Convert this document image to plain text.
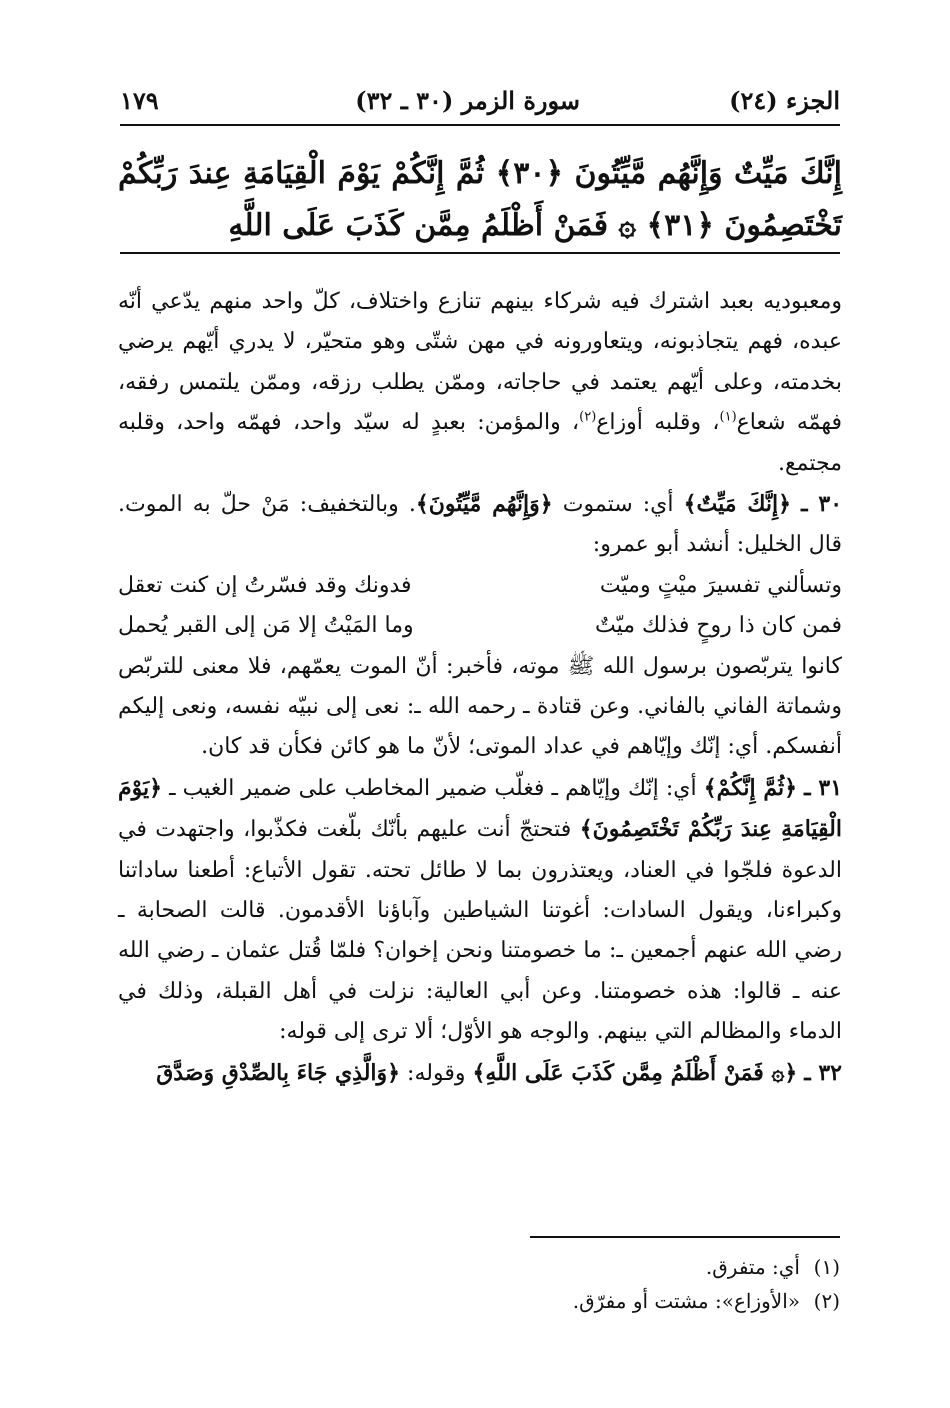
الجزء (٢٤)
سورة الزمر (٣٠ ـ ٣٢)
١٧٩
إِنَّكَ مَيِّتٌ وَإِنَّهُم مَّيِّتُونَ ﴿٣٠﴾ ثُمَّ إِنَّكُمْ يَوْمَ الْقِيَامَةِ عِندَ رَبِّكُمْ تَخْتَصِمُونَ ﴿٣١﴾ ۞ فَمَنْ أَظْلَمُ مِمَّن كَذَبَ عَلَى اللَّهِ

ومعبوديه بعبد اشترك فيه شركاء بينهم تنازع واختلاف، كلّ واحد منهم يدّعي أنّه عبده، فهم يتجاذبونه، ويتعاورونه في مهن شتّى وهو متحيّر، لا يدري أيّهم يرضي بخدمته، وعلى أيّهم يعتمد في حاجاته، وممّن يطلب رزقه، وممّن يلتمس رفقه، فهمّه شعاع$^{(١)}$، وقلبه أوزاع$^{(٢)}$، والمؤمن: بعبدٍ له سيّد واحد، فهمّه واحد، وقلبه مجتمع.

٣٠ ـ ﴿إِنَّكَ مَيِّتٌ﴾ أي: ستموت ﴿وَإِنَّهُم مَّيِّتُونَ﴾. وبالتخفيف: مَنْ حلّ به الموت. قال الخليل: أنشد أبو عمرو:

وتسألني تفسيرَ ميْتٍ وميّت
فدونك وقد فسّرتُ إن كنت تعقل
فمن كان ذا روحٍ فذلك ميّتٌ
وما المَيْتُ إلا مَن إلى القبر يُحمل

كانوا يتربّصون برسول الله ﷺ موته، فأخبر: أنّ الموت يعمّهم، فلا معنى للتربّص وشماتة الفاني بالفاني. وعن قتادة ـ رحمه الله ـ: نعى إلى نبيّه نفسه، ونعى إليكم أنفسكم. أي: إنّك وإيّاهم في عداد الموتى؛ لأنّ ما هو كائن فكأن قد كان.

٣١ ـ ﴿ثُمَّ إِنَّكُمْ﴾ أي: إنّك وإيّاهم ـ فغلّب ضمير المخاطب على ضمير الغيب ـ ﴿يَوْمَ الْقِيَامَةِ عِندَ رَبِّكُمْ تَخْتَصِمُونَ﴾ فتحتجّ أنت عليهم بأنّك بلّغت فكذّبوا، واجتهدت في الدعوة فلجّوا في العناد، ويعتذرون بما لا طائل تحته. تقول الأتباع: أطعنا ساداتنا وكبراءنا، ويقول السادات: أغوتنا الشياطين وآباؤنا الأقدمون. قالت الصحابة ـ رضي الله عنهم أجمعين ـ: ما خصومتنا ونحن إخوان؟ فلمّا قُتل عثمان ـ رضي الله عنه ـ قالوا: هذه خصومتنا. وعن أبي العالية: نزلت في أهل القبلة، وذلك في الدماء والمظالم التي بينهم. والوجه هو الأوّل؛ ألا ترى إلى قوله:

٣٢ ـ ﴿۞ فَمَنْ أَظْلَمُ مِمَّن كَذَبَ عَلَى اللَّهِ﴾ وقوله: ﴿وَالَّذِي جَاءَ بِالصِّدْقِ وَصَدَّقَ

(١)أي: متفرق.
(٢)«الأوزاع»: مشتت أو مفرّق.
